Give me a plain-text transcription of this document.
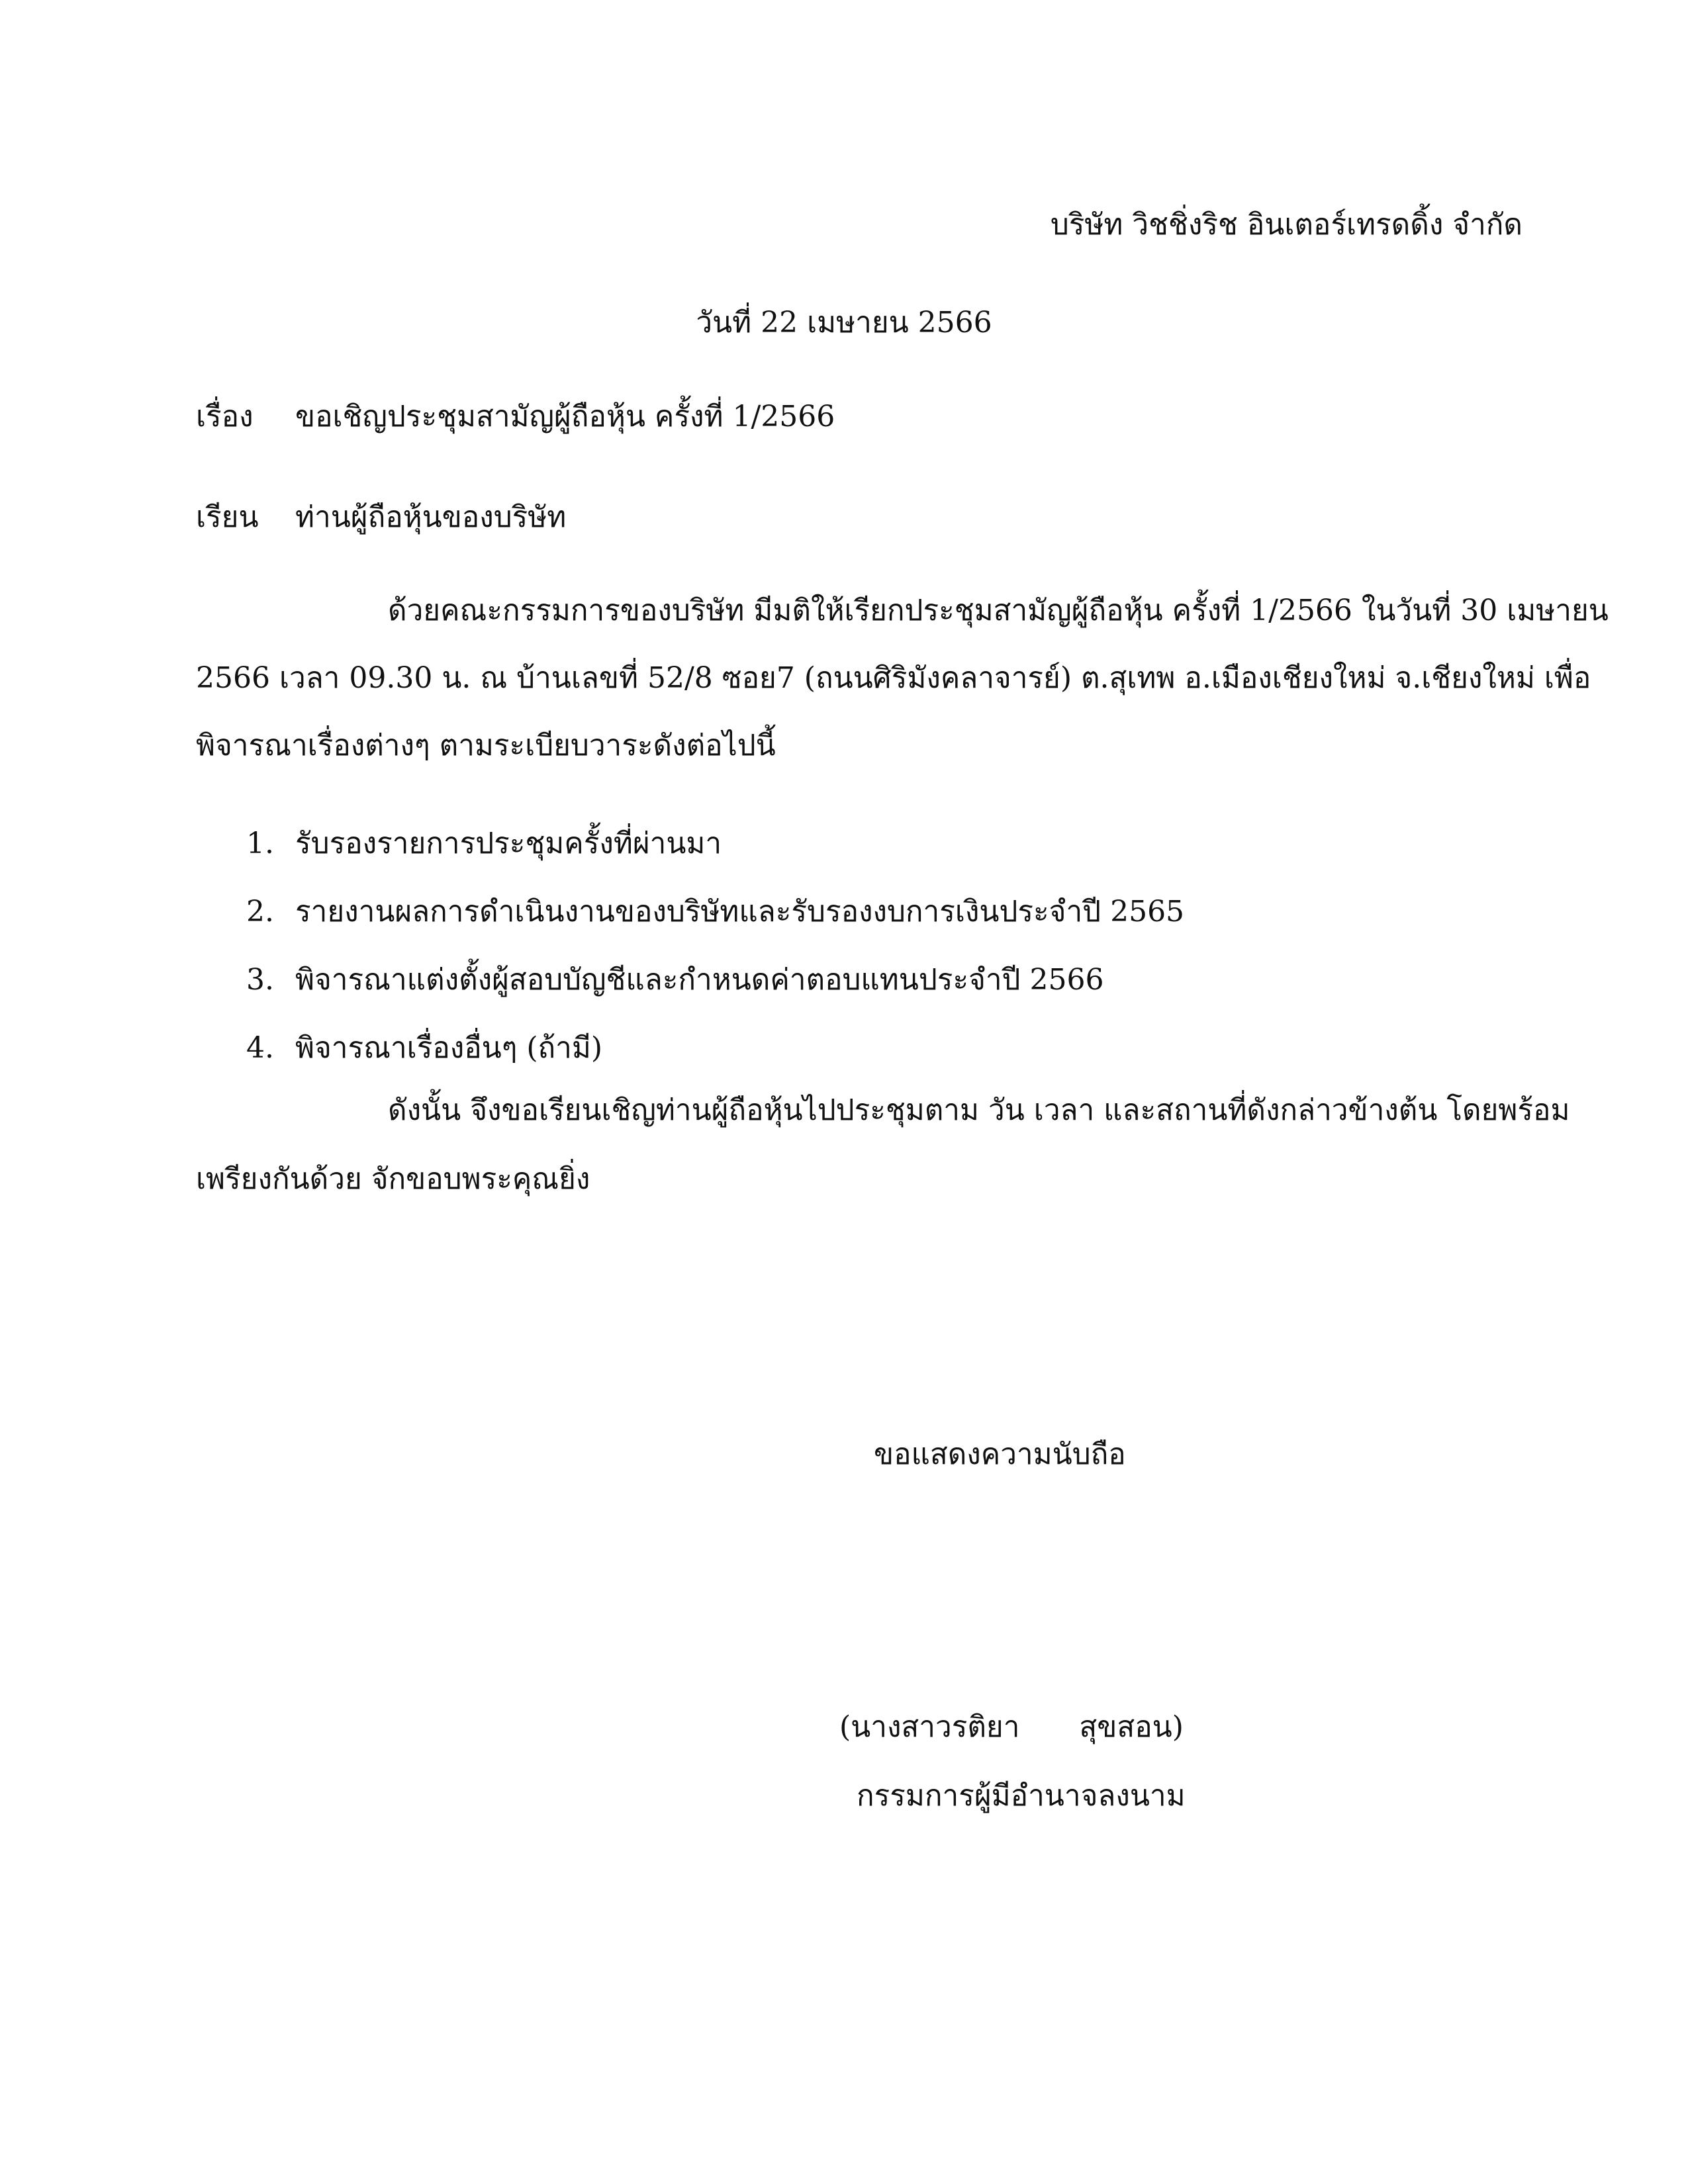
บริษัท วิชชิ่งริช อินเตอร์เทรดดิ้ง จำกัด
วันที่ 22 เมษายน 2566
เรื่อง ขอเชิญประชุมสามัญผู้ถือหุ้น ครั้งที่ 1/2566
เรียน ท่านผู้ถือหุ้นของบริษัท
ด้วยคณะกรรมการของบริษัท มีมติให้เรียกประชุมสามัญผู้ถือหุ้น ครั้งที่ 1/2566 ในวันที่ 30 เมษายน
2566 เวลา 09.30 น. ณ บ้านเลขที่ 52/8 ซอย7 (ถนนศิริมังคลาจารย์) ต.สุเทพ อ.เมืองเชียงใหม่ จ.เชียงใหม่ เพื่อ
พิจารณาเรื่องต่างๆ ตามระเบียบวาระดังต่อไปนี้
1. รับรองรายการประชุมครั้งที่ผ่านมา
2. รายงานผลการดำเนินงานของบริษัทและรับรองงบการเงินประจำปี 2565
3. พิจารณาแต่งตั้งผู้สอบบัญชีและกำหนดค่าตอบแทนประจำปี 2566
4. พิจารณาเรื่องอื่นๆ (ถ้ามี)
ดังนั้น จึงขอเรียนเชิญท่านผู้ถือหุ้นไปประชุมตาม วัน เวลา และสถานที่ดังกล่าวข้างต้น โดยพร้อม
เพรียงกันด้วย จักขอบพระคุณยิ่ง
ขอแสดงความนับถือ
(นางสาวรติยา สุขสอน)
กรรมการผู้มีอำนาจลงนาม
